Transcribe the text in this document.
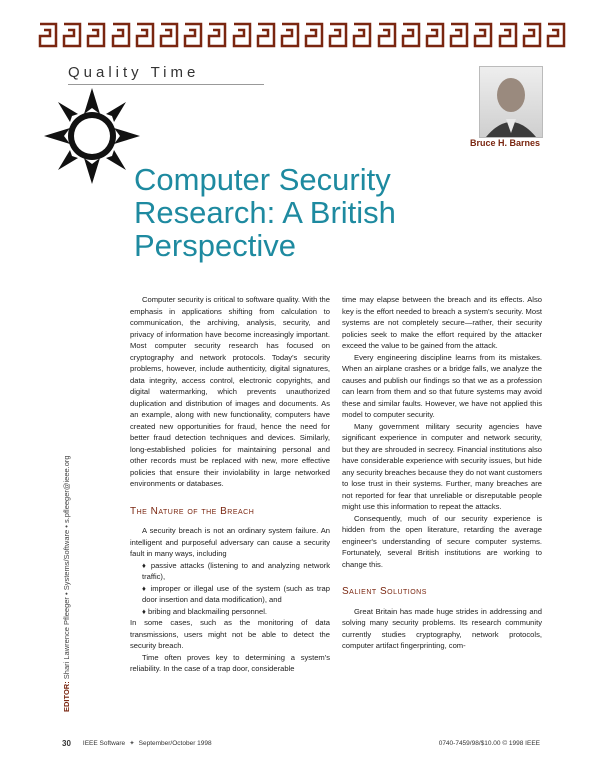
Quality Time
Bruce H. Barnes
Computer Security Research: A British Perspective
EDITOR: Shari Lawrence Pfleeger • Systems/Software • s.pfleeger@ieee.org

Computer security is critical to software quality. With the emphasis in applications shifting from calculation to communication, the archiving, analysis, security, and privacy of information have become increasingly important. Most computer security research has focused on cryptography and network protocols. Today's security problems, however, include authenticity, digital signatures, data integrity, access control, electronic copyrights, and digital watermarking, which prevents unauthorized duplication and distribution of images and documents. As an example, along with new functionality, computers have created new opportunities for fraud, hence the need for better fraud detection techniques and devices. Similarly, long-established policies for maintaining personal and other records must be replaced with new, more effective policies that ensure their inviolability in large networked environments or databases.

The Nature of the Breach

A security breach is not an ordinary system failure. An intelligent and purposeful adversary can cause a security fault in many ways, including

♦ passive attacks (listening to and analyzing network traffic),

♦ improper or illegal use of the system (such as trap door insertion and data modification), and

♦ bribing and blackmailing personnel.

In some cases, such as the monitoring of data transmissions, users might not be able to detect the security breach.

Time often proves key to determining a system's reliability. In the case of a trap door, considerable

time may elapse between the breach and its effects. Also key is the effort needed to breach a system's security. Most systems are not completely secure—rather, their security policies seek to make the effort required by the attacker exceed the value to be gained from the attack.

Every engineering discipline learns from its mistakes. When an airplane crashes or a bridge falls, we analyze the causes and publish our findings so that we as a profession can learn from them and so that future systems may avoid these and similar faults. However, we have not applied this model to computer security.

Many government military security agencies have significant experience in computer and network security, but they are shrouded in secrecy. Financial institutions also have considerable experience with security issues, but hide any security breaches because they do not want customers to lose trust in their systems. Further, many breaches are not reported for fear that unreliable or disreputable people might use this information to repeat the attacks.

Consequently, much of our security experience is hidden from the open literature, retarding the average engineer's understanding of secure computer systems. Fortunately, several British institutions are working to change this.

Salient Solutions

Great Britain has made huge strides in addressing and solving many security problems. Its research community currently studies cryptography, network protocols, computer artifact fingerprinting, com-

30 IEEE Software ✦ September/October 1998	0740-7459/98/$10.00 © 1998 IEEE
